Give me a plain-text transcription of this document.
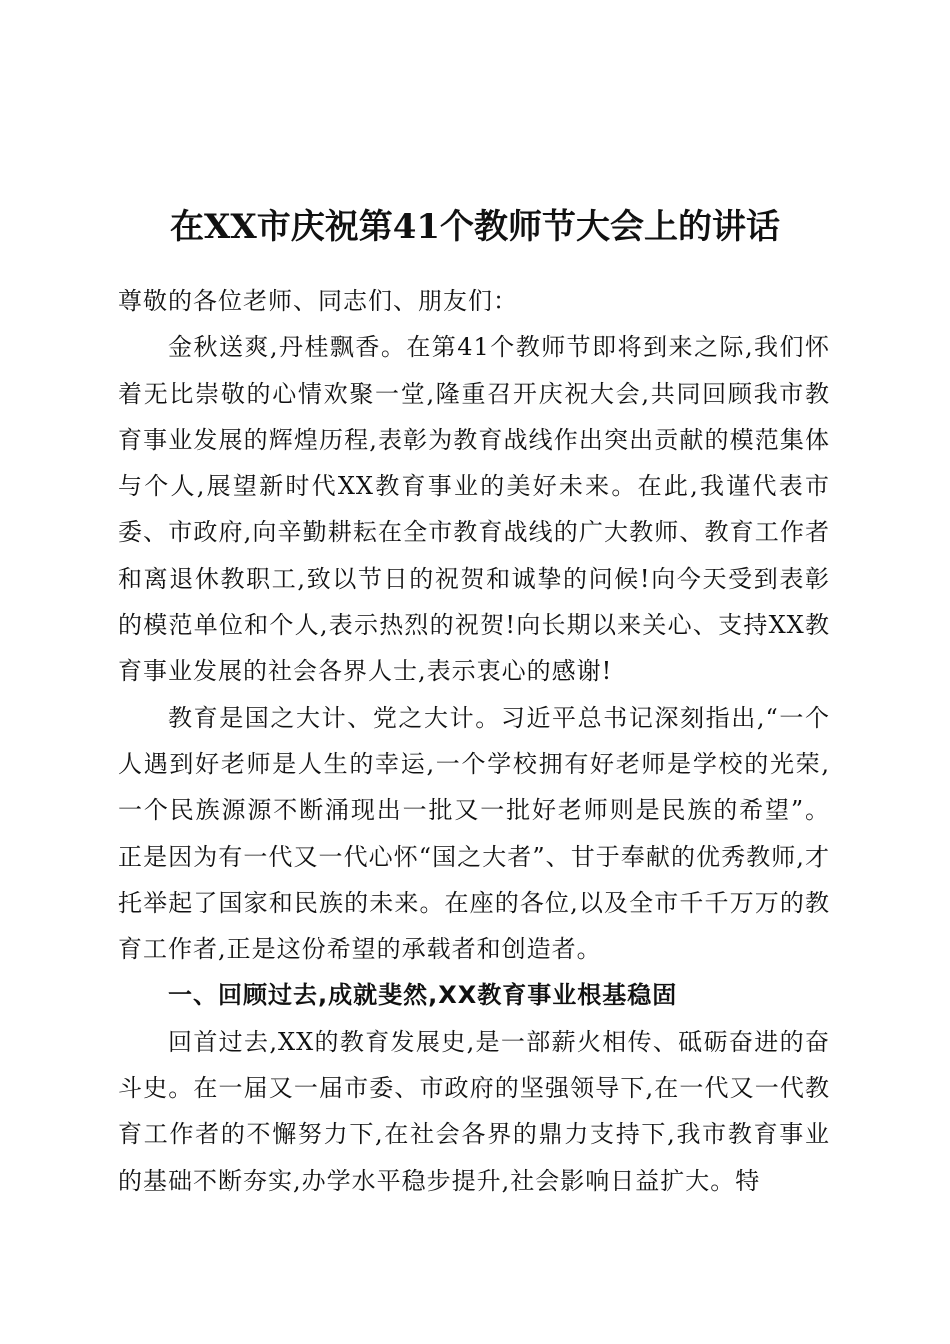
在XX市庆祝第41个教师节大会上的讲话

尊敬的各位老师、同志们、朋友们：

金秋送爽,丹桂飘香。在第41个教师节即将到来之际,我们怀着无比崇敬的心情欢聚一堂,隆重召开庆祝大会,共同回顾我市教育事业发展的辉煌历程,表彰为教育战线作出突出贡献的模范集体与个人,展望新时代XX教育事业的美好未来。在此,我谨代表市委、市政府,向辛勤耕耘在全市教育战线的广大教师、教育工作者和离退休教职工,致以节日的祝贺和诚挚的问候!向今天受到表彰的模范单位和个人,表示热烈的祝贺!向长期以来关心、支持XX教育事业发展的社会各界人士,表示衷心的感谢!

教育是国之大计、党之大计。习近平总书记深刻指出,“一个人遇到好老师是人生的幸运,一个学校拥有好老师是学校的光荣,一个民族源源不断涌现出一批又一批好老师则是民族的希望”。正是因为有一代又一代心怀“国之大者”、甘于奉献的优秀教师,才托举起了国家和民族的未来。在座的各位,以及全市千千万万的教育工作者,正是这份希望的承载者和创造者。

一、回顾过去,成就斐然,XX教育事业根基稳固

回首过去,XX的教育发展史,是一部薪火相传、砥砺奋进的奋斗史。在一届又一届市委、市政府的坚强领导下,在一代又一代教育工作者的不懈努力下,在社会各界的鼎力支持下,我市教育事业的基础不断夯实,办学水平稳步提升,社会影响日益扩大。特
